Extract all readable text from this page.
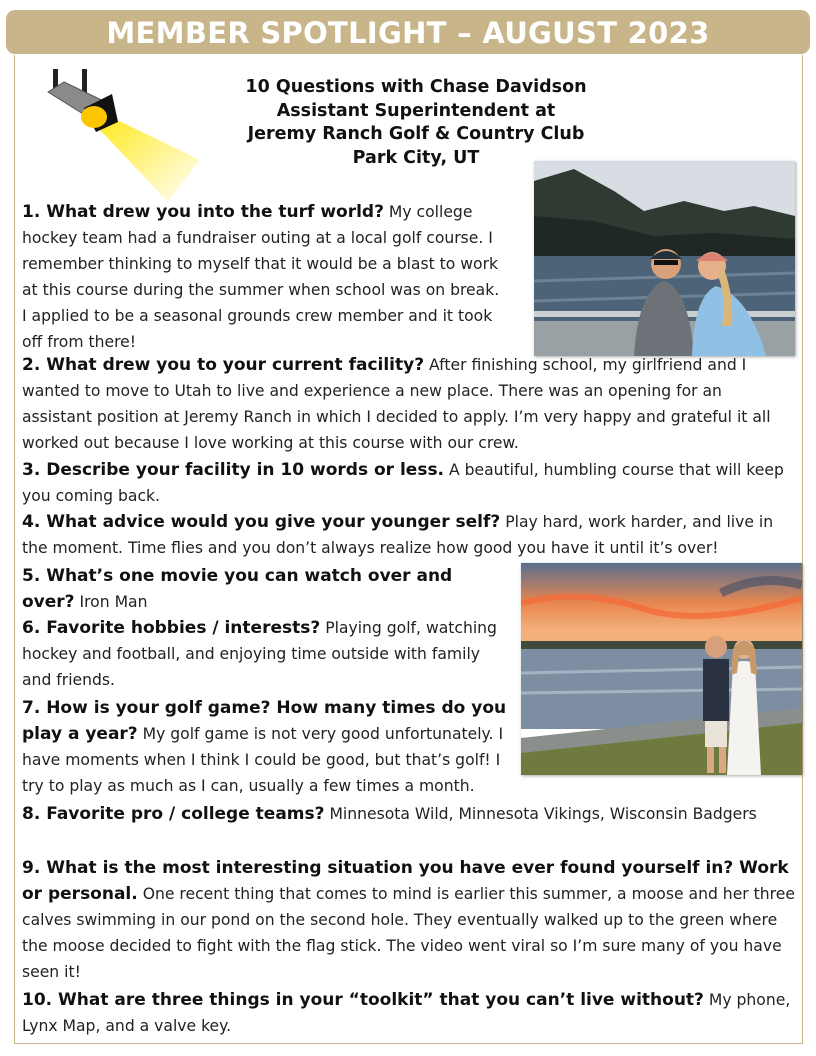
MEMBER SPOTLIGHT – AUGUST 2023
10 Questions with Chase Davidson
Assistant Superintendent at
Jeremy Ranch Golf & Country Club
Park City, UT
1. What drew you into the turf world? My college hockey team had a fundraiser outing at a local golf course. I remember thinking to myself that it would be a blast to work at this course during the summer when school was on break. I applied to be a seasonal grounds crew member and it took off from there!
2. What drew you to your current facility? After finishing school, my girlfriend and I wanted to move to Utah to live and experience a new place. There was an opening for an assistant position at Jeremy Ranch in which I decided to apply. I’m very happy and grateful it all worked out because I love working at this course with our crew.
3. Describe your facility in 10 words or less. A beautiful, humbling course that will keep you coming back.
4. What advice would you give your younger self? Play hard, work harder, and live in the moment. Time flies and you don’t always realize how good you have it until it’s over!
5. What’s one movie you can watch over and over? Iron Man
6. Favorite hobbies / interests? Playing golf, watching hockey and football, and enjoying time outside with family and friends.
7. How is your golf game? How many times do you play a year? My golf game is not very good unfortunately. I have moments when I think I could be good, but that’s golf! I try to play as much as I can, usually a few times a month.
8. Favorite pro / college teams? Minnesota Wild, Minnesota Vikings, Wisconsin Badgers
9. What is the most interesting situation you have ever found yourself in? Work or personal. One recent thing that comes to mind is earlier this summer, a moose and her three calves swimming in our pond on the second hole. They eventually walked up to the green where the moose decided to fight with the flag stick. The video went viral so I’m sure many of you have seen it!
10. What are three things in your “toolkit” that you can’t live without? My phone, Lynx Map, and a valve key.
